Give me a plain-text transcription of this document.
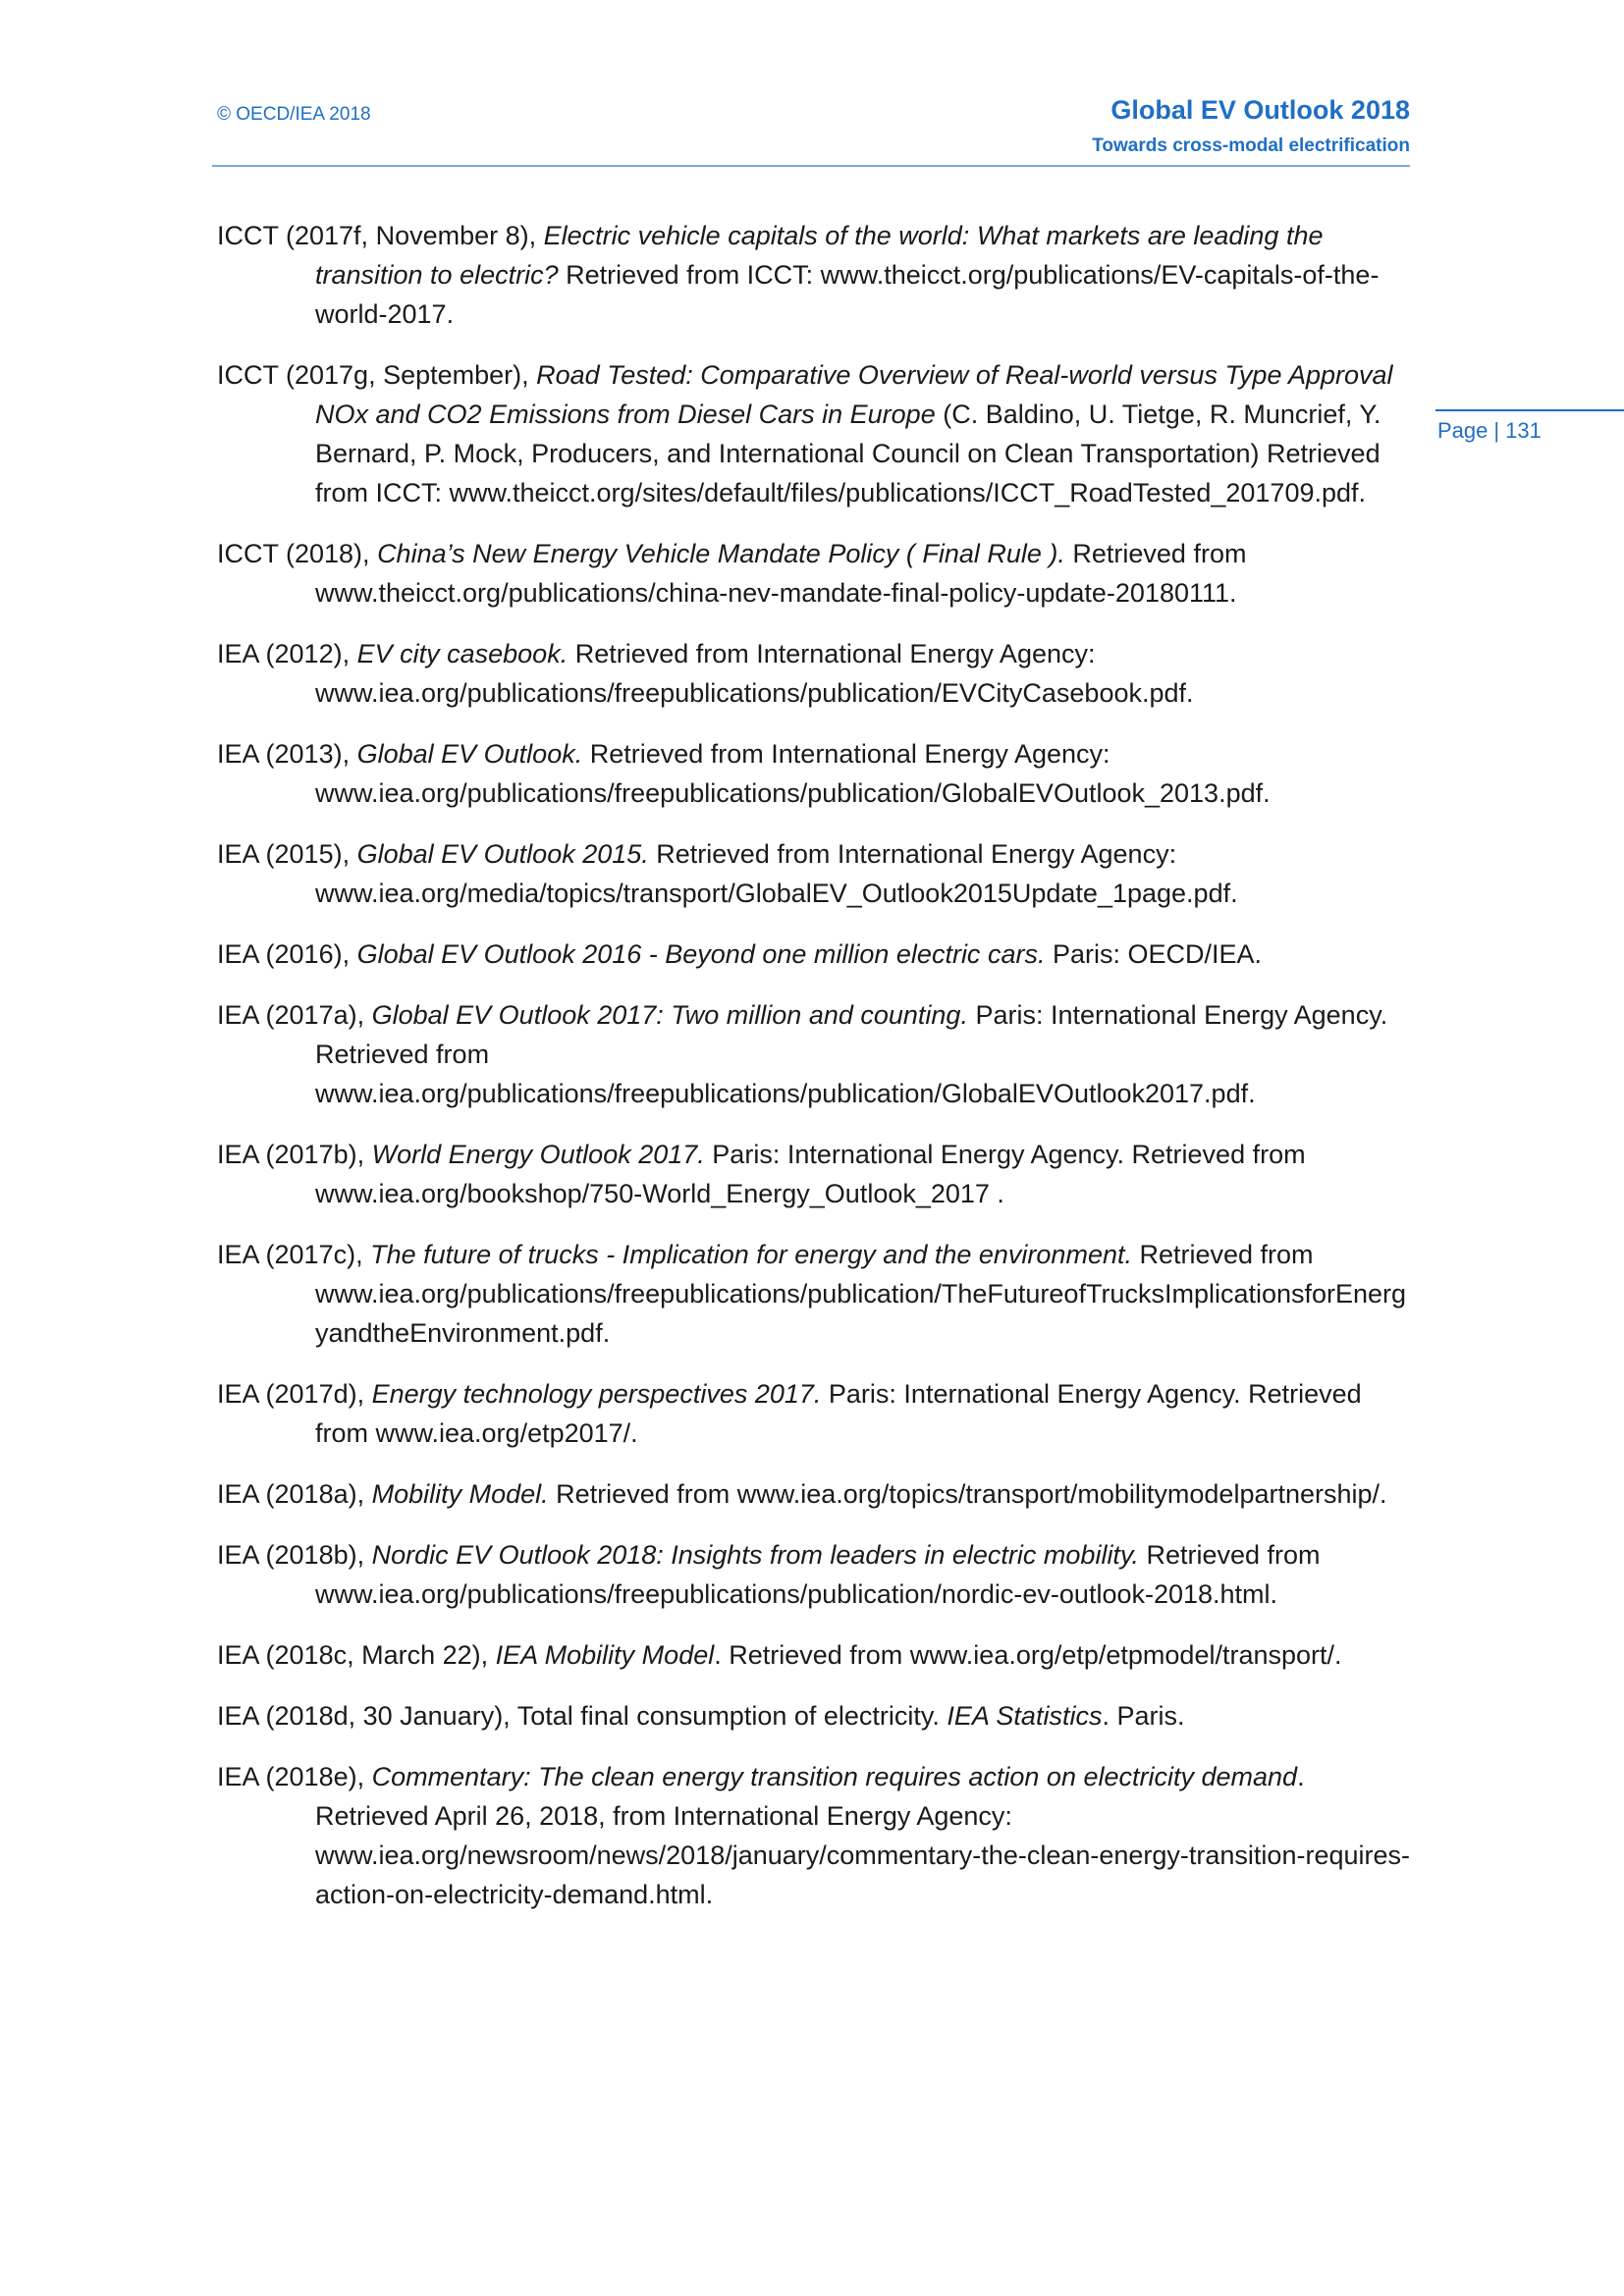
© OECD/IEA 2018	Global EV Outlook 2018
Towards cross-modal electrification
Page | 131

ICCT (2017f, November 8), Electric vehicle capitals of the world: What markets are leading the transition to electric? Retrieved from ICCT: www.theicct.org/publications/EV-capitals-of-the-world-2017.

ICCT (2017g, September), Road Tested: Comparative Overview of Real-world versus Type Approval NOx and CO2 Emissions from Diesel Cars in Europe (C. Baldino, U. Tietge, R. Muncrief, Y. Bernard, P. Mock, Producers, and International Council on Clean Transportation) Retrieved from ICCT: www.theicct.org/sites/default/files/publications/ICCT_RoadTested_201709.pdf.

ICCT (2018), China’s New Energy Vehicle Mandate Policy ( Final Rule ). Retrieved from www.theicct.org/publications/china-nev-mandate-final-policy-update-20180111.

IEA (2012), EV city casebook. Retrieved from International Energy Agency: www.iea.org/publications/freepublications/publication/EVCityCasebook.pdf.

IEA (2013), Global EV Outlook. Retrieved from International Energy Agency: www.iea.org/publications/freepublications/publication/GlobalEVOutlook_2013.pdf.

IEA (2015), Global EV Outlook 2015. Retrieved from International Energy Agency: www.iea.org/media/topics/transport/GlobalEV_Outlook2015Update_1page.pdf.

IEA (2016), Global EV Outlook 2016 - Beyond one million electric cars. Paris: OECD/IEA.

IEA (2017a), Global EV Outlook 2017: Two million and counting. Paris: International Energy Agency. Retrieved from www.iea.org/publications/freepublications/publication/GlobalEVOutlook2017.pdf.

IEA (2017b), World Energy Outlook 2017. Paris: International Energy Agency. Retrieved from www.iea.org/bookshop/750-World_Energy_Outlook_2017 .

IEA (2017c), The future of trucks - Implication for energy and the environment. Retrieved from www.iea.org/publications/freepublications/publication/TheFutureofTrucksImplicationsforEnergyandtheEnvironment.pdf.

IEA (2017d), Energy technology perspectives 2017. Paris: International Energy Agency. Retrieved from www.iea.org/etp2017/.

IEA (2018a), Mobility Model. Retrieved from www.iea.org/topics/transport/mobilitymodelpartnership/.

IEA (2018b), Nordic EV Outlook 2018: Insights from leaders in electric mobility. Retrieved from www.iea.org/publications/freepublications/publication/nordic-ev-outlook-2018.html.

IEA (2018c, March 22), IEA Mobility Model. Retrieved from www.iea.org/etp/etpmodel/transport/.

IEA (2018d, 30 January), Total final consumption of electricity. IEA Statistics. Paris.

IEA (2018e), Commentary: The clean energy transition requires action on electricity demand. Retrieved April 26, 2018, from International Energy Agency: www.iea.org/newsroom/news/2018/january/commentary-the-clean-energy-transition-requires-action-on-electricity-demand.html.
